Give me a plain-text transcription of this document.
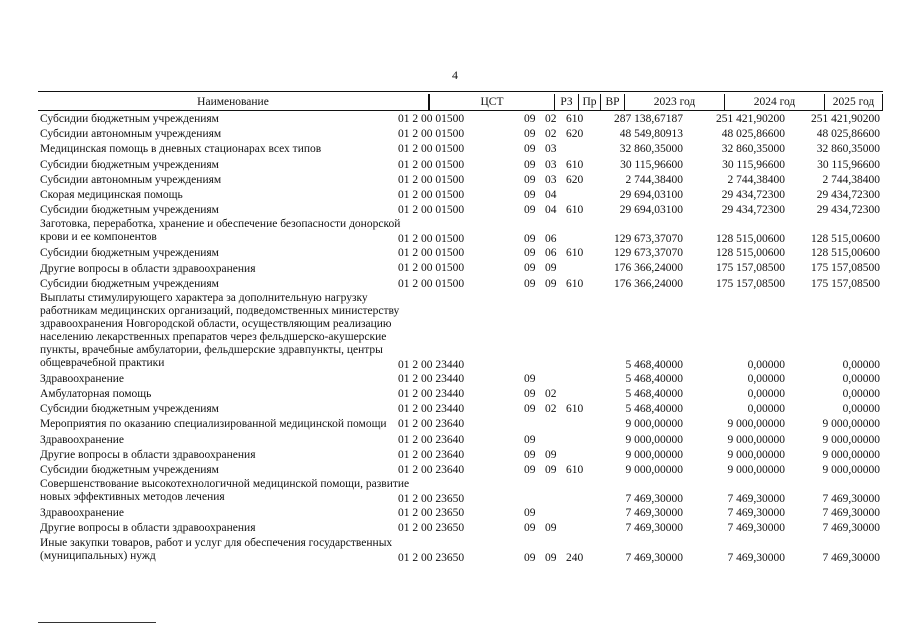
4
Наименование	ЦСТ	РЗ Пр ВР	2023 год	2024 год	2025 год
Субсидии бюджетным учреждениям	01 2 00 01500	09 02 610	287 138,67187	251 421,90200	251 421,90200
Субсидии автономным учреждениям	01 2 00 01500	09 02 620	48 549,80913	48 025,86600	48 025,86600
Медицинская помощь в дневных стационарах всех типов	01 2 00 01500	09 03	32 860,35000	32 860,35000	32 860,35000
Субсидии бюджетным учреждениям	01 2 00 01500	09 03 610	30 115,96600	30 115,96600	30 115,96600
Субсидии автономным учреждениям	01 2 00 01500	09 03 620	2 744,38400	2 744,38400	2 744,38400
Скорая медицинская помощь	01 2 00 01500	09 04	29 694,03100	29 434,72300	29 434,72300
Субсидии бюджетным учреждениям	01 2 00 01500	09 04 610	29 694,03100	29 434,72300	29 434,72300
Заготовка, переработка, хранение и обеспечение безопасности донорской крови и ее компонентов	01 2 00 01500	09 06	129 673,37070	128 515,00600	128 515,00600
Субсидии бюджетным учреждениям	01 2 00 01500	09 06 610	129 673,37070	128 515,00600	128 515,00600
Другие вопросы в области здравоохранения	01 2 00 01500	09 09	176 366,24000	175 157,08500	175 157,08500
Субсидии бюджетным учреждениям	01 2 00 01500	09 09 610	176 366,24000	175 157,08500	175 157,08500
Выплаты стимулирующего характера за дополнительную нагрузку работникам медицинских организаций, подведомственных министерству здравоохранения Новгородской области, осуществляющим реализацию населению лекарственных препаратов через фельдшерско-акушерские пункты, врачебные амбулатории, фельдшерские здравпункты, центры общеврачебной практики	01 2 00 23440	5 468,40000	0,00000	0,00000
Здравоохранение	01 2 00 23440	09	5 468,40000	0,00000	0,00000
Амбулаторная помощь	01 2 00 23440	09 02	5 468,40000	0,00000	0,00000
Субсидии бюджетным учреждениям	01 2 00 23440	09 02 610	5 468,40000	0,00000	0,00000
Мероприятия по оказанию специализированной медицинской помощи 01 2 00 23640	9 000,00000	9 000,00000	9 000,00000
Здравоохранение	01 2 00 23640	09	9 000,00000	9 000,00000	9 000,00000
Другие вопросы в области здравоохранения	01 2 00 23640	09 09	9 000,00000	9 000,00000	9 000,00000
Субсидии бюджетным учреждениям	01 2 00 23640	09 09 610	9 000,00000	9 000,00000	9 000,00000
Совершенствование высокотехнологичной медицинской помощи, развитие новых эффективных методов лечения	01 2 00 23650	7 469,30000	7 469,30000	7 469,30000
Здравоохранение	01 2 00 23650	09	7 469,30000	7 469,30000	7 469,30000
Другие вопросы в области здравоохранения	01 2 00 23650	09 09	7 469,30000	7 469,30000	7 469,30000
Иные закупки товаров, работ и услуг для обеспечения государственных (муниципальных) нужд	01 2 00 23650	09 09 240	7 469,30000	7 469,30000	7 469,30000
